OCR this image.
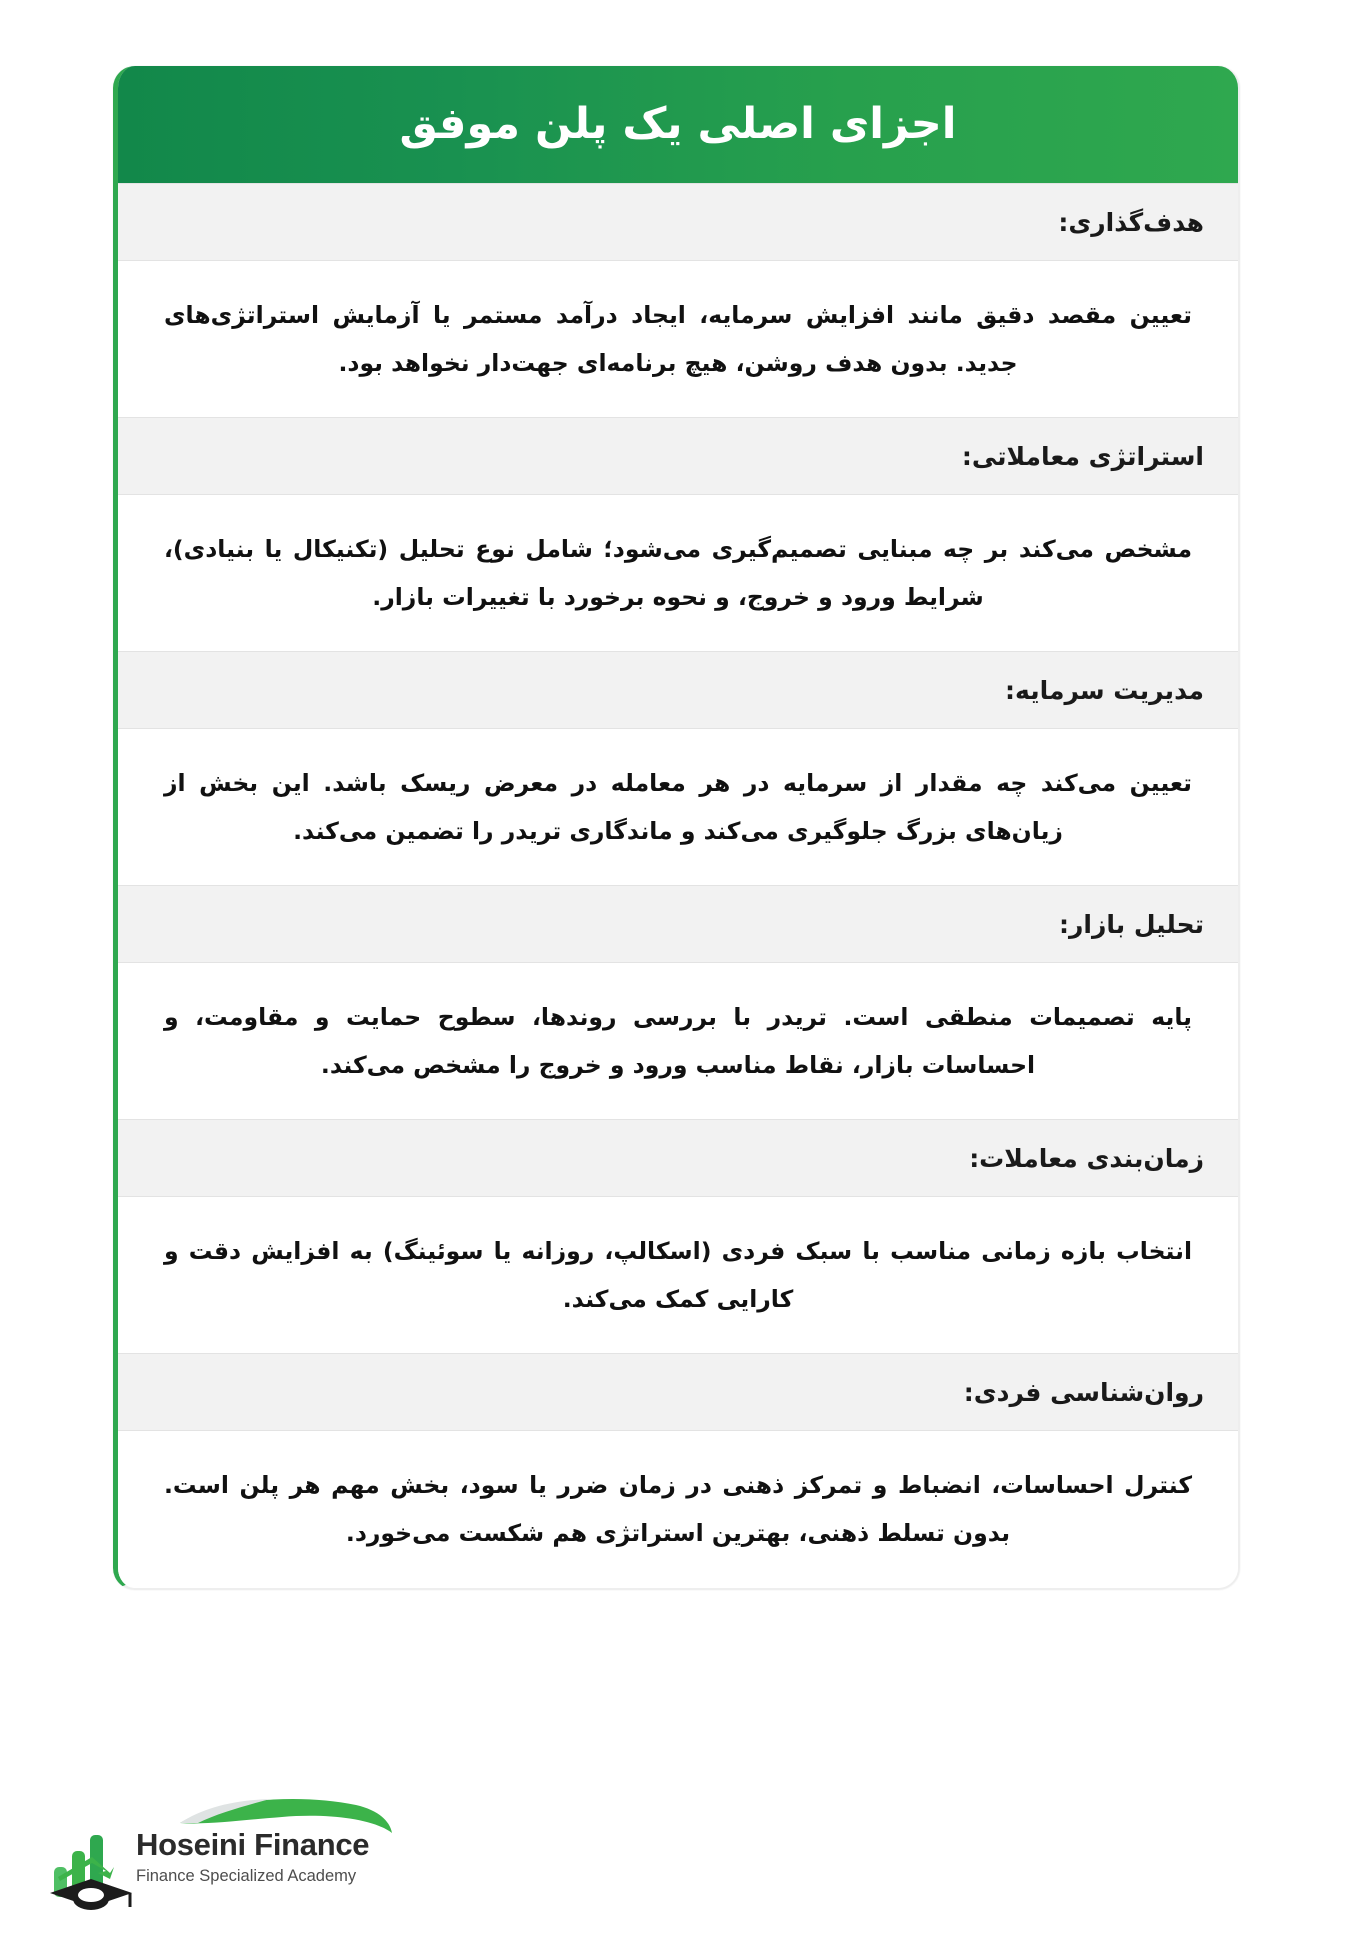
اجزای اصلی یک پلن موفق
هدف‌گذاری:

تعیین مقصد دقیق مانند افزایش سرمایه، ایجاد درآمد مستمر یا آزمایش استراتژی‌های جدید. بدون هدف روشن، هیچ برنامه‌ای جهت‌دار نخواهد بود.

استراتژی معاملاتی:

مشخص می‌کند بر چه مبنایی تصمیم‌گیری می‌شود؛ شامل نوع تحلیل (تکنیکال یا بنیادی)، شرایط ورود و خروج، و نحوه برخورد با تغییرات بازار.

مدیریت سرمایه:

تعیین می‌کند چه مقدار از سرمایه در هر معامله در معرض ریسک باشد. این بخش از زیان‌های بزرگ جلوگیری می‌کند و ماندگاری تریدر را تضمین می‌کند.

تحلیل بازار:

پایه تصمیمات منطقی است. تریدر با بررسی روندها، سطوح حمایت و مقاومت، و احساسات بازار، نقاط مناسب ورود و خروج را مشخص می‌کند.

زمان‌بندی معاملات:

انتخاب بازه زمانی مناسب با سبک فردی (اسکالپ، روزانه یا سوئینگ) به افزایش دقت و کارایی کمک می‌کند.

روان‌شناسی فردی:

کنترل احساسات، انضباط و تمرکز ذهنی در زمان ضرر یا سود، بخش مهم هر پلن است. بدون تسلط ذهنی، بهترین استراتژی هم شکست می‌خورد.

Hoseini Finance
Finance Specialized Academy
